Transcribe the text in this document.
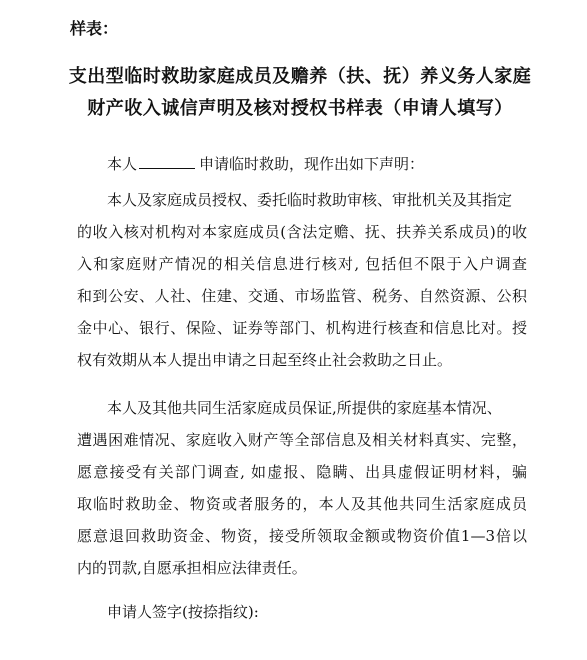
样表：
支出型临时救助家庭成员及赡养（扶、抚）养义务人家庭
财产收入诚信声明及核对授权书样表（申请人填写）
本人	申请临时救助，现作出如下声明：
本人及家庭成员授权、委托临时救助审核、审批机关及其指定
的收入核对机构对本家庭成员(含法定赡、抚、扶养关系成员)的收
入和家庭财产情况的相关信息进行核对, 包括但不限于入户调查
和到公安、人社、住建、交通、市场监管、税务、自然资源、公积
金中心、银行、保险、证券等部门、机构进行核查和信息比对。授
权有效期从本人提出申请之日起至终止社会救助之日止。
本人及其他共同生活家庭成员保证,所提供的家庭基本情况、
遭遇困难情况、家庭收入财产等全部信息及相关材料真实、完整，
愿意接受有关部门调查, 如虚报、隐瞒、出具虚假证明材料，骗
取临时救助金、物资或者服务的，本人及其他共同生活家庭成员
愿意退回救助资金、物资，接受所领取金额或物资价值1—3倍以
内的罚款,自愿承担相应法律责任。
申请人签字(按捺指纹):
